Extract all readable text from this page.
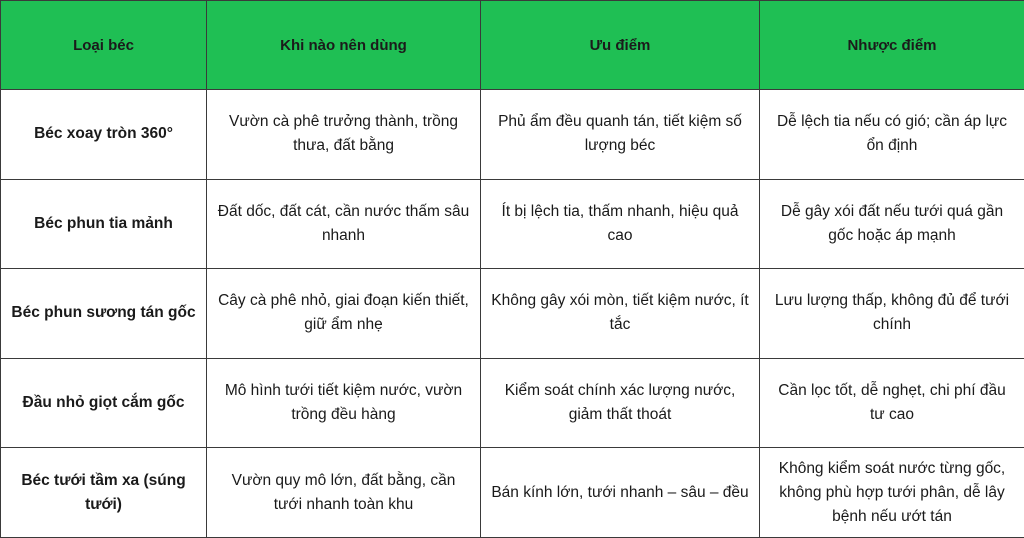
Loại béc	Khi nào nên dùng	Ưu điểm	Nhược điểm
Béc xoay tròn 360°	Vườn cà phê trưởng thành, trồng thưa, đất bằng	Phủ ẩm đều quanh tán, tiết kiệm số lượng béc	Dễ lệch tia nếu có gió; cần áp lực ổn định
Béc phun tia mảnh	Đất dốc, đất cát, cần nước thấm sâu nhanh	Ít bị lệch tia, thấm nhanh, hiệu quả cao	Dễ gây xói đất nếu tưới quá gần gốc hoặc áp mạnh
Béc phun sương tán gốc	Cây cà phê nhỏ, giai đoạn kiến thiết, giữ ẩm nhẹ	Không gây xói mòn, tiết kiệm nước, ít tắc	Lưu lượng thấp, không đủ để tưới chính
Đầu nhỏ giọt cắm gốc	Mô hình tưới tiết kiệm nước, vườn trồng đều hàng	Kiểm soát chính xác lượng nước, giảm thất thoát	Cần lọc tốt, dễ nghẹt, chi phí đầu tư cao
Béc tưới tầm xa (súng tưới)	Vườn quy mô lớn, đất bằng, cần tưới nhanh toàn khu	Bán kính lớn, tưới nhanh – sâu – đều	Không kiểm soát nước từng gốc, không phù hợp tưới phân, dễ lây bệnh nếu ướt tán
